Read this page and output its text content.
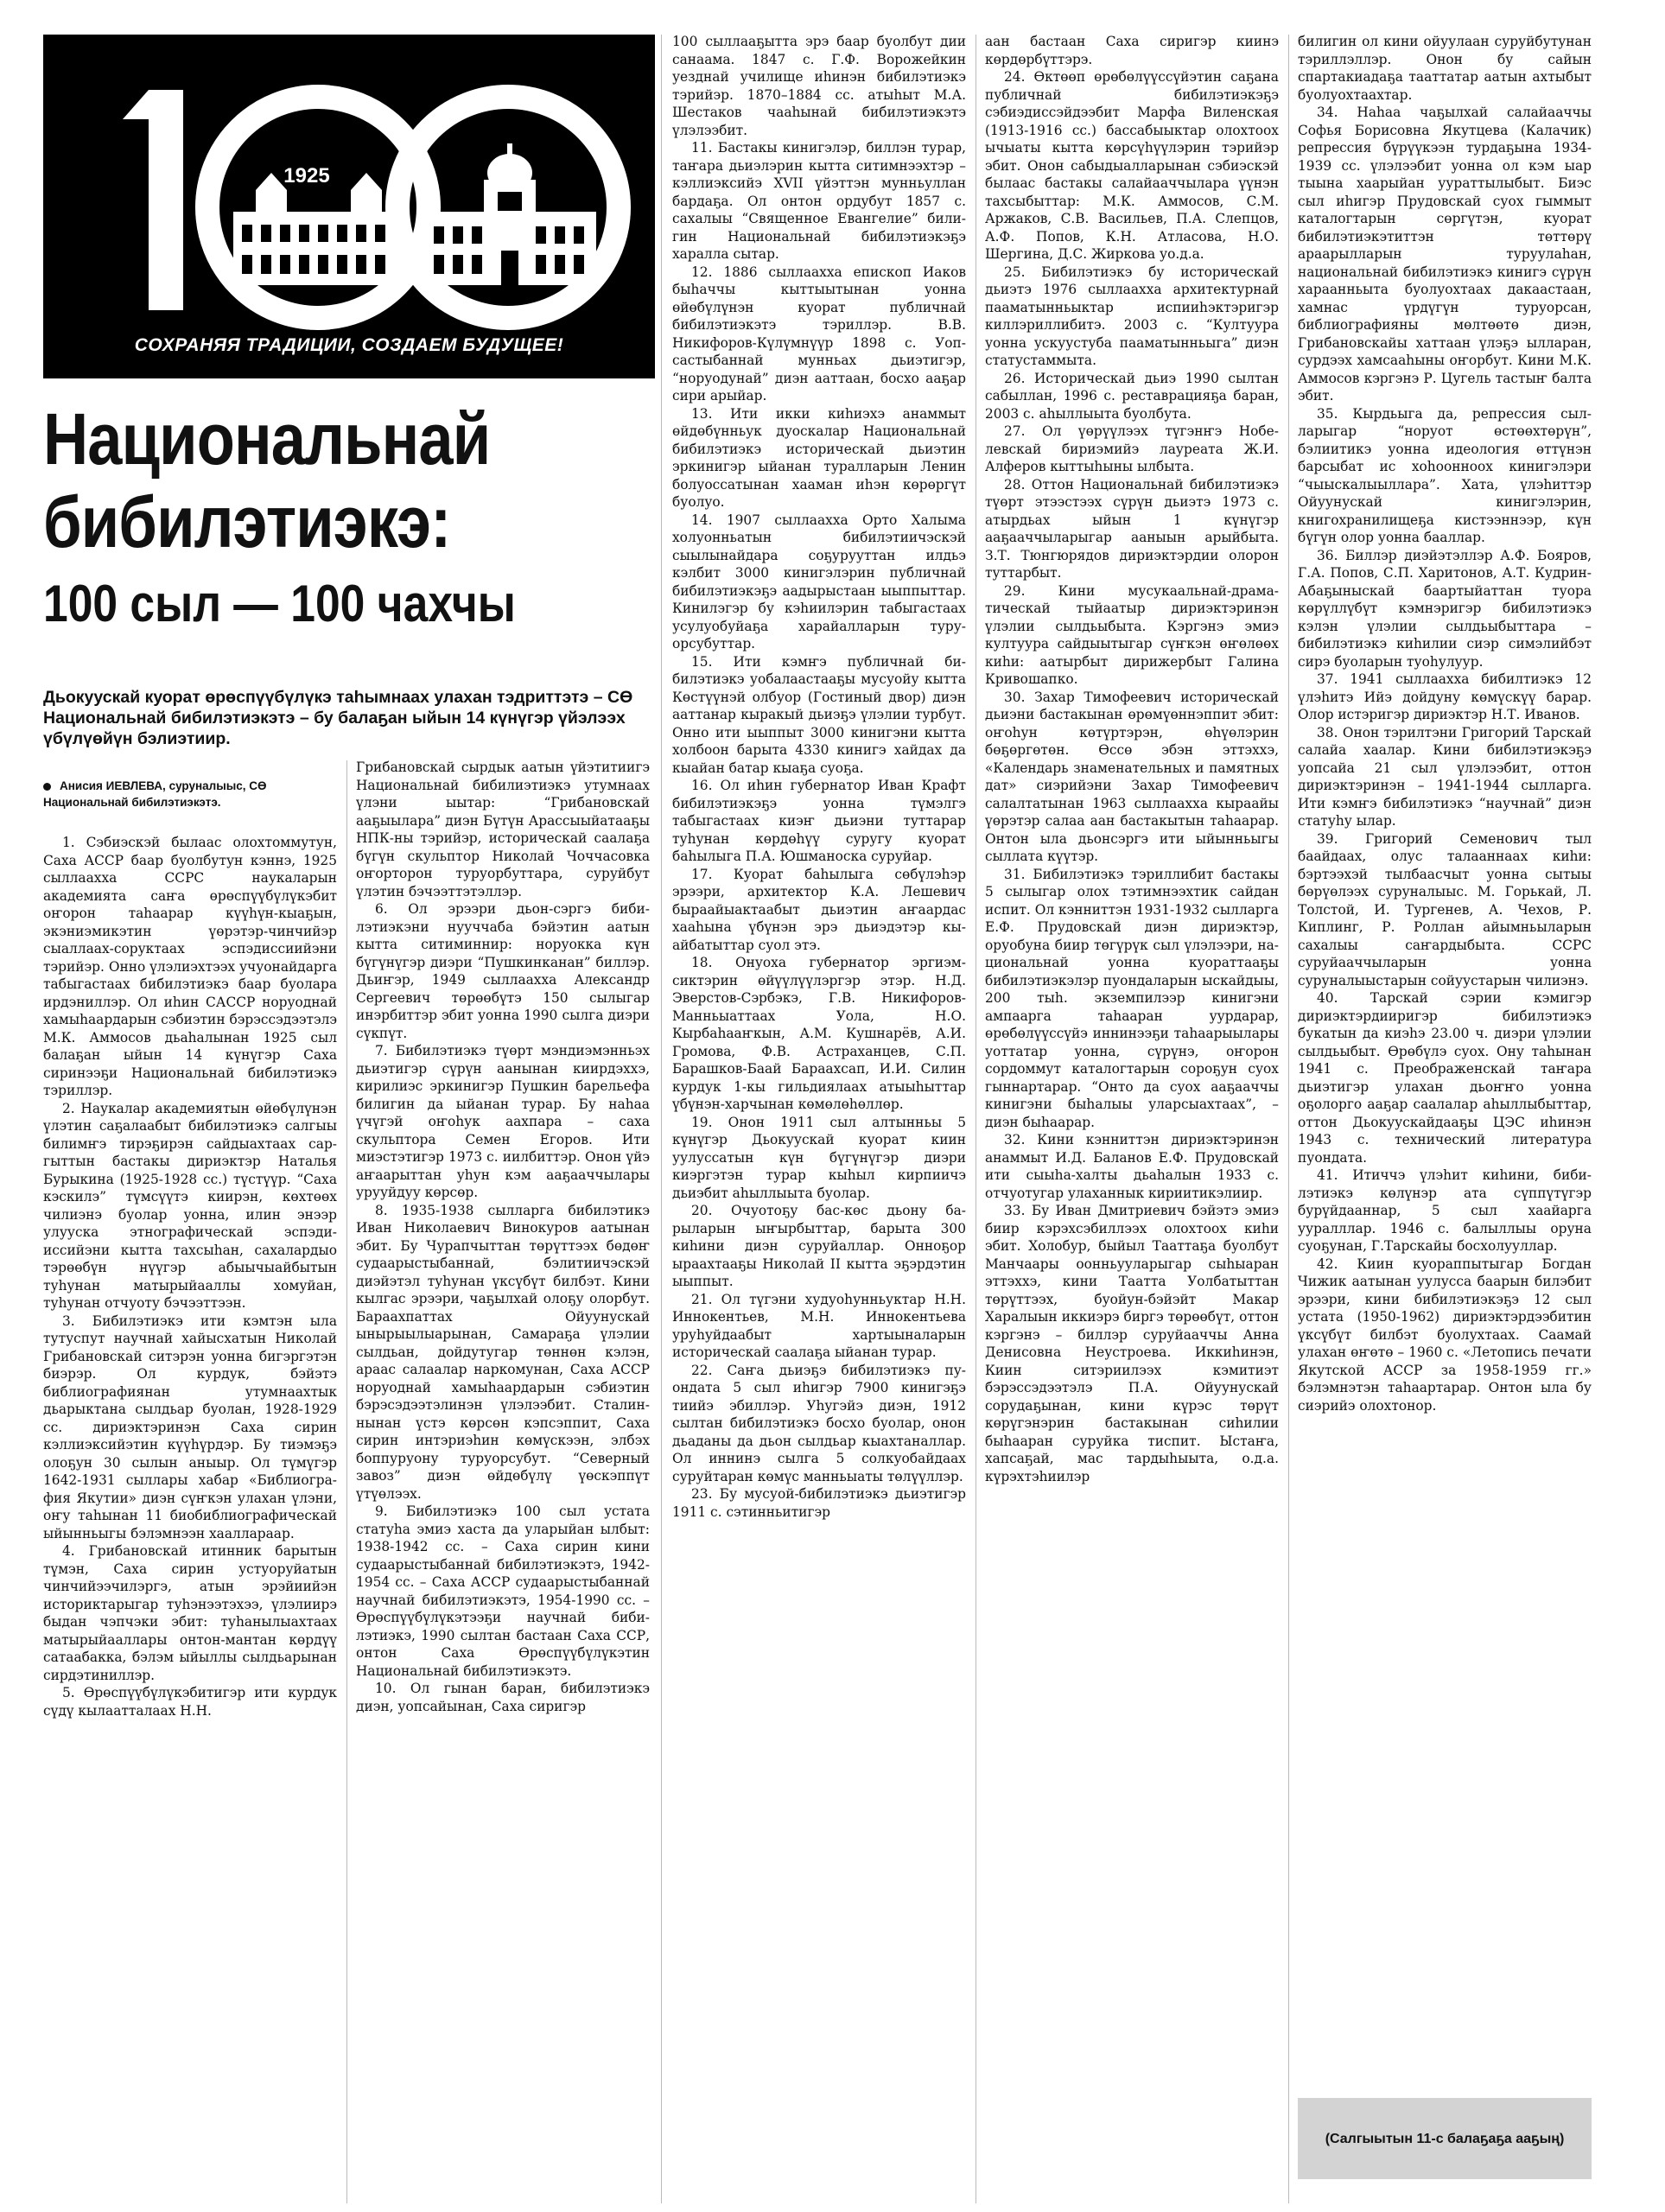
1925
СОХРАНЯЯ ТРАДИЦИИ, СОЗДАЕМ БУДУЩЕЕ!
Национальнай
бибилэтиэкэ:
100 сыл — 100 чахчы
Дьокуускай куорат өрөспүүбүлүкэ таһымнаах улахан тэдриттэтэ – СӨ Национальнай бибилэтиэкэтэ – бу балаҕан ыйын 14 күнүгэр үйэлээх үбүлүөйүн бэлиэтиир.
Анисия ИЕВЛЕВА, суруналыыс, СӨ Национальнай бибилэтиэкэтэ.

1. Сэбиэскэй былаас олохтоммутун, Саха АССР баар буолбутун кэннэ, 1925 сыллаахха ССРС наукаларын академията саҥа өрөспүүбүлүкэбит оҥорон таһаарар күүһүн-кыаҕын, экэниэмикэтин үөрэтэр-чинчийэр сыаллаах-соруктаах эспэдиссиийэни тэрийэр. Онно үлэлиэхтээх учуонайдарга табыгастаах бибилэтиэкэ баар буолара ирдэниллэр. Ол иһин САССР норуоднай хамыһаардарын сэбиэтин бэрэссэдээтэлэ М.К. Аммосов дьаһалынан 1925 сыл балаҕан ыйын 14 күнүгэр Саха сиринээҕи Национальнай бибилэтиэкэ тэриллэр.

2. Наукалар академиятын өйөбүлүнэн үлэтин саҕалаабыт бибилэтиэкэ салгыы билимҥэ тирэҕирэн сайдыахтаах саргыттын бастакы дириэктэр Наталья Бурыкина (1925-1928 сс.) түстүүр. “Саха кэскилэ” түмсүүтэ киирэн, көхтөөх чилиэнэ буолар уонна, илин энээр улууска этнографическай эспэдииссийэни кытта тахсыһан, сахалардыо тэрөөбүн нүүгэр абыычыайбытын туһунан матырыйааллы хомуйан, туһунан отчуоту бэчээттээн.

3. Бибилэтиэкэ ити кэмтэн ыла тутуспут научнай хайысхатын Николай Грибановскай ситэрэн уонна бигэргэтэн биэрэр. Ол курдук, бэйэтэ библиографиянан утумнаахтык дьарыктана сылдьар буолан, 1928-1929 сс. дириэктэринэн Саха сирин кэллиэксийэтин күүһүрдэр. Бу тиэмэҕэ олоҕун 30 сылын аныыр. Ол түмүгэр 1642-1931 сыллары хабар «Библиография Якутии» диэн сүҥкэн улахан үлэни, оҥу таһынан 11 биобиблиографическай ыйынньыгы бэлэмнээн хааллараар.

4. Грибановскай итинник барытын түмэн, Саха сирин устуоруйатын чинчийээчилэргэ, атын эрэйиийэн историктарыгар туһэнээтэхээ, үлэлиирэ быдан чэпчэки эбит: туһанылыахтаах матырыйааллары онтон-мантан көрдүү сатаабакка, бэлэм ыйыллы сылдьарынан сирдэтиниллэр.

5. Өрөспүүбүлүкэбитигэр ити курдук сүдү кылаатталаах Н.Н.

Грибановскай сырдык аатын үйэтитиигэ Национальнай бибилиэтиэкэ утумнаах үлэни ыытар: “Грибановскай ааҕыылара” диэн Бүтүн Арассыыйатааҕы НПК-ны тэрийэр, историческай саалаҕа бүгүн скульптор Николай Чоччасовка оҥорторон туруорбуттара, суруйбут үлэтин бэчээттэтэллэр.

6. Ол эрээри дьон-сэргэ бибилэтиэкэни нууччаба бэйэтин аатын кытта ситиминнир: норуокка күн бүгүнүгэр диэри “Пушкинканан” биллэр. Дьиҥэр, 1949 сыллаахха Александр Сергеевич төрөөбүтэ 150 сылыгар инэрбиттэр эбит уонна 1990 сылга диэри сүкпүт.

7. Бибилэтиэкэ түөрт мэндиэмэнньэх дьиэтигэр сүрүн аанынан киирдэххэ, кирилиэс эркинигэр Пушкин барельефа билигин да ыйанан турар. Бу наһаа үчүгэй оҥоһук аахпара – саха скульптора Семен Егоров. Ити миэстэтигэр 1973 с. иилбиттэр. Онон үйэ аҥаарыттан уһун кэм ааҕааччылары урууйдуу көрсөр.

8. 1935-1938 сылларга бибилэтикэ Иван Николаевич Винокуров аатынан эбит. Бу Чурапчыттан төрүттээх бөдөҥ судаарыстыбаннай, бэлитиичэскэй диэйэтэл туһунан үксүбүт билбэт. Кини кылгас эрээри, чаҕылхай олоҕу олорбут. Бараахпаттах Ойуунускай ынырыылыарынан, Самараҕа үлэлии сылдьан, дойдутугар төннөн кэлэн, араас салаалар наркомунан, Саха АССР норуоднай хамыһаардарын сэбиэтин бэрэсэдээтэлинэн үлэлээбит. Сталиннынан үстэ көрсөн кэпсэппит, Саха сирин интэриэһин көмүскээн, элбэх боппуруону туруорсубут. “Северный завоз” диэн өйдөбүлү үөскэппүт үтүөлээх.

9. Бибилэтиэкэ 100 сыл устата статуһа эмиэ хаста да уларыйан ылбыт: 1938-1942 сс. – Саха сирин кини судаарыстыбаннай бибилэтиэкэтэ, 1942-1954 сс. – Саха АССР судаарыстыбаннай научнай бибилэтиэкэтэ, 1954-1990 сс. – Өрөспүүбүлүкэтээҕи научнай бибилэтиэкэ, 1990 сылтан бастаан Саха ССР, онтон Саха Өрөспүүбүлүкэтин Национальнай бибилэтиэкэтэ.

10. Ол гынан баран, бибилэтиэкэ диэн, уопсайынан, Саха сиригэр

100 сыллааҕытта эрэ баар буолбут дии санаама. 1847 с. Г.Ф. Ворожейкин уезднай училище иһинэн бибилэтиэкэ тэрийэр. 1870–1884 сс. атыһыт М.А. Шестаков чааһынай бибилэтиэкэтэ үлэлээбит.

11. Бастакы кинигэлэр, биллэн турар, таҥара дьиэлэрин кытта ситимнээхтэр – кэллиэксийэ XVII үйэттэн мунньуллан бардаҕа. Ол онтон ордубут 1857 с. сахалыы “Священное Евангелие” билигин Национальнай бибилэтиэкэҕэ харалла сытар.

12. 1886 сыллааххa епископ Иаков быһаччы кыттыытынан уонна өйөбүлүнэн куорат публичнай бибилэтиэкэтэ тэриллэр. В.В. Никифоров-Күлүмнүүр 1898 с. Уопсастыбаннай мунньах дьиэтигэр, “норуодунай” диэн ааттаан, босхо ааҕар сири арыйар.

13. Ити икки киһиэхэ анаммыт өйдөбүнньук дуоскалар Национальнай бибилэтиэкэ историческай дьиэтин эркинигэр ыйанан туралларын Ленин болуоссатынан хааман иһэн көрөргүт буолуо.

14. 1907 сыллааххa Орто Халыма холуонньатын бибилэтиичэскэй сыылынайдара соҕурууттан илдьэ кэлбит 3000 кинигэлэрин публичнай бибилэтиэкэҕэ аадырыстаан ыыппыттар. Кинилэгэр бу кэһиилэрин табыгастаах усулуобуйаҕа харайалларын туруорсубуттар.

15. Ити кэмҥэ публичнай бибилэтиэкэ уобалаастааҕы мусуойу кытта Көстүүнэй олбуор (Гостиный двор) диэн ааттанар кыракый дьиэҕэ үлэлии турбут. Онно ити ыыппыт 3000 кинигэни кытта холбоон барыта 4330 кинигэ хайдах да кыайан батар кыаҕа суоҕа.

16. Ол иһин губернатор Иван Крафт бибилэтиэкэҕэ уонна түмэлгэ табыгастаах киэҥ дьиэни туттарар туһунан көрдөһүү суругу куорат баһылыга П.А. Юшманоска суруйар.

17. Куорат баһылыга сөбүлэһэр эрээри, архитектор К.А. Лешевич быраайыактаабыт дьиэтин аҥаардас хааһына үбүнэн эрэ дьиэдэтэр кыайбатыттар суол этэ.

18. Онуоха губернатор эргиэмсиктэрин өйүүлүүлэргэр этэр. Н.Д. Эверстов-Сэрбэкэ, Г.В. Никифоров-Манньыаттаах Уола, Н.О. Кырбаһааҥкын, А.М. Кушнарёв, А.И. Громова, Ф.В. Астраханцев, С.П. Барашков-Баай Бараахсап, И.И. Силин курдук 1-кы гильдиялаах атыыһыттар үбүнэн-харчынан көмөлөһөллөр.

19. Онон 1911 сыл алтынньы 5 күнүгэр Дьокуускай куорат киин уулуссатын күн бүгүнүгэр диэри киэргэтэн турар кыһыл кирпиичэ дьиэбит аһыллыыта буолар.

20. Очуотоҕу бас-көс дьону барыларын ыҥырбыттар, барыта 300 киһини диэн суруйаллар. Онноҕор ыраахтааҕы Николай II кытта эҕэрдэтин ыыппыт.

21. Ол түгэни худуоһунньуктар Н.Н. Иннокентьев, М.Н. Иннокентьева уруһуйдаабыт хартыыналарын историческай саалаҕа ыйанан турар.

22. Саҥа дьиэҕэ бибилэтиэкэ пуондата 5 сыл иһигэр 7900 кинигэҕэ тиийэ эбиллэр. Уһугэйэ диэн, 1912 сылтан бибилэтиэкэ босхо буолар, онон дьаданы да дьон сылдьар кыахтаналлар. Ол иннинэ сылга 5 солкуобайдаах суруйтаран көмүс манньыаты төлүүллэр.

23. Бу мусуой-бибилэтиэкэ дьиэтигэр 1911 с. сэтинньитигэр

аан бастаан Саха сиригэр киинэ көрдөрбүттэрэ.

24. Өктөөп өрөбөлүүссүйэтин саҕана публичнай бибилэтиэкэҕэ сэбиэдиссэйдээбит Марфа Виленская (1913-1916 сс.) бассабыыктар олохтоох ычыаты кытта көрсүһүүлэрин тэрийэр эбит. Онон сабыдыалларынан сэбиэскэй былаас бастакы салайааччылара үүнэн тахсыбыттар: М.К. Аммосов, С.М. Аржаков, С.В. Васильев, П.А. Слепцов, А.Ф. Попов, К.Н. Атласова, Н.О. Шергина, Д.С. Жиркова уо.д.а.

25. Бибилэтиэкэ бу историческай дьиэтэ 1976 сыллааххa архитектурнай пааматынньыктар испииһэктэригэр киллэриллибитэ. 2003 с. “Култуура уонна ускуустуба пааматынньыга” диэн статустаммыта.

26. Историческай дьиэ 1990 сылтан сабыллан, 1996 с. реставрацияҕа баран, 2003 с. аһыллыыта буолбута.

27. Ол үөрүүлээх түгэнҥэ Нобелевскай бириэмийэ лауреата Ж.И. Алферов кыттыһыны ылбыта.

28. Оттон Национальнай бибилэтиэкэ түөрт этээстээх сүрүн дьиэтэ 1973 с. атырдьах ыйын 1 күнүгэр ааҕааччыларыгар ааныын арыйбыта. З.Т. Тюнгюрядов дириэктэрдии олорон туттарбыт.

29. Кини мусукаальнай-драматическай тыйаатыр дириэктэринэн үлэлии сылдьыбыта. Кэргэнэ эмиэ култуура сайдыытыгар сүҥкэн өҥөлөөх киһи: аатырбыт дирижербыт Галина Кривошапко.

30. Захар Тимофеевич историческай дьиэни бастакынан өрөмүөннэппит эбит: оҥоһун көтүртэрэн, өһүөлэрин бөҕөргөтөн. Өссө эбэн эттэххэ, «Календарь знаменательных и памятных дат» сиэрийэни Захар Тимофеевич салалтатынан 1963 сыллааххa кыраайы үөрэтэр салаа аан бастaкытын таһаарар. Онтон ыла дьонсэргэ ити ыйынньыгы сыллата күүтэр.

31. Бибилэтиэкэ тэриллибит бастакы 5 сылыгар олох тэтимнээхтик сайдан испит. Ол кэнниттэн 1931-1932 сылларга Е.Ф. Прудовскай диэн дириэктэр, оруобуна биир төгүрүк сыл үлэлээри, национальнай уонна куораттааҕы бибилэтиэкэлэр пуондаларын ыскайдыы, 200 тыһ. экземпилээр кинигэни ампаарга таһааран уурдарар, өрөбөлүүссүйэ иннинээҕи таһаарыылары уоттатар уонна, сүрүнэ, оҥорон сордоммут каталогтарын сороҕун суох гыннартарар. “Онто да суох ааҕааччы кинигэни быһалыы уларсыахтаах”, – диэн быһаарар.

32. Кини кэнниттэн дириэктэринэн анаммыт И.Д. Баланов Е.Ф. Прудовскай ити сыыһа-халты дьаһалын 1933 с. отчуотугар улаханнык кириитикэлиир.

33. Бу Иван Дмитриевич бэйэтэ эмиэ биир кэрэхсэбиллээх олохтоох киһи эбит. Холобур, быйыл Тааттаҕа буолбут Манчаары оонньууларыгар сыһыаран эттэххэ, кини Таатта Уолбатыттан төрүттээх, буойун-бэйэйт Макар Харалыын иккиэрэ биргэ төрөөбүт, оттон кэргэнэ – биллэр суруйааччы Анна Денисовна Неустроева. Иккиһинэн, Киин ситэриилээх кэмитиэт бэрэссэдээтэлэ П.А. Ойуунускай сорудаҕынан, кини күрэс төрүт көрүгэнэрин бастакынан сиһилии быһааран суруйка тиспит. Ыстаҥа, хапсаҕай, мас тардыһыыта, о.д.а. күрэхтэһиилэр

билигин ол кини ойуулаан суруйбутунан тэриллэллэр. Онон бу сайын спартакиадаҕа тааттатар аатын ахтыбыт буолуохтаахтар.

34. Наһаа чаҕылхай салайааччы Софья Борисовна Якутцева (Калачик) репрессия бүрүүкээн турдаҕына 1934-1939 сс. үлэлээбит уонна ол кэм ыар тыына хаарыйан уураттылыбыт. Биэс сыл иһигэр Прудовскай суох гыммыт каталогтарын сөргүтэн, куорат бибилэтиэкэтиттэн төттөрү араарылларын туруулаһан, национальнай бибилэтиэкэ кинигэ сүрүн хараанньыта буолуохтаах дакаастаан, хамнас үрдүгүн туруорсан, библиографияны мөлтөөтө диэн, Грибановскайы хаттаан үлэҕэ ылларан, сурдээх хамсааһыны оҥорбут. Кини М.К. Аммосов кэргэнэ Р. Цугель тастыҥ балта эбит.

35. Кырдьыга да, репрессия сылларыгар “норуот өстөөхтөрүн”, бэлиитикэ уонна идеология өттүнэн барсыбат ис хоһоонноох кинигэлэри “чыыскалыыллара”. Хата, үлэһиттэр Ойуунускай кинигэлэрин, книгохранилищеҕа кистээннээр, күн бүгүн олор уонна бааллар.

36. Биллэр диэйэтэллэр А.Ф. Бояров, Г.А. Попов, С.П. Харитонов, А.Т. Кудрин-Абаҕыныскай баартыйаттан туора көрүллүбүт кэмнэригэр бибилэтиэкэ кэлэн үлэлии сылдьыбыттара – бибилэтиэкэ киһилии сиэр симэлийбэт сирэ буоларын туоһулуур.

37. 1941 сыллааххa бибилтиэкэ 12 үлэһитэ Ийэ дойдуну көмүскүү барар. Олор истэригэр дириэктэр Н.Т. Иванов.

38. Онон тэрилтэни Григорий Тарскай салайа хаалар. Кини бибилэтиэкэҕэ уопсайа 21 сыл үлэлээбит, оттон дириэктэринэн – 1941-1944 сылларга. Ити кэмҥэ бибилэтиэкэ “научнай” диэн статуһу ылар.

39. Григорий Семенович тыл баайдаах, олус талааннаах киһи: бэртээхэй тылбаасчыт уонна сытыы бөрүөлээх суруналыыс. М. Горькай, Л. Толстой, И. Тургенев, А. Чехов, Р. Киплинг, Р. Роллан айымньыларын сахалыы саҥардыбыта. ССРС суруйааччыларын уонна суруналыыстарын сойуустарын чилиэнэ.

40. Тарскай сэрии кэмигэр дириэктэрдииригэр бибилэтиэкэ букатын да киэһэ 23.00 ч. диэри үлэлии сылдьыбыт. Өрөбүлэ суох. Ону таһынан 1941 с. Преображенскай таҥара дьиэтигэр улахан дьоҥҥо уонна оҕолорго ааҕар саалалар аһыллыбыттар, оттон Дьокуускайдааҕы ЦЭС иһинэн 1943 с. технический литература пуондата.

41. Итиччэ үлэһит киһини, бибилэтиэкэ көлүнэр ата сүппүтүгэр бурүйдааннар, 5 сыл хаайарга ууралллар. 1946 с. балыллыы оруна суоҕунан, Г.Тарскайы босхолууллар.

42. Киин куораппытыгар Богдан Чижик аатынан уулусса баарын билэбит эрээри, кини бибилэтиэкэҕэ 12 сыл устата (1950-1962) дириэктэрдээбитин үксүбүт билбэт буолухтаах. Саамай улахан өҥөтө – 1960 с. «Летопись печати Якутской АССР за 1958-1959 гг.» бэлэмнэтэн таһаартарар. Онтон ыла бу сиэрийэ олохтонор.

(Салгыытын 11-с балаҕаҕа ааҕың)
